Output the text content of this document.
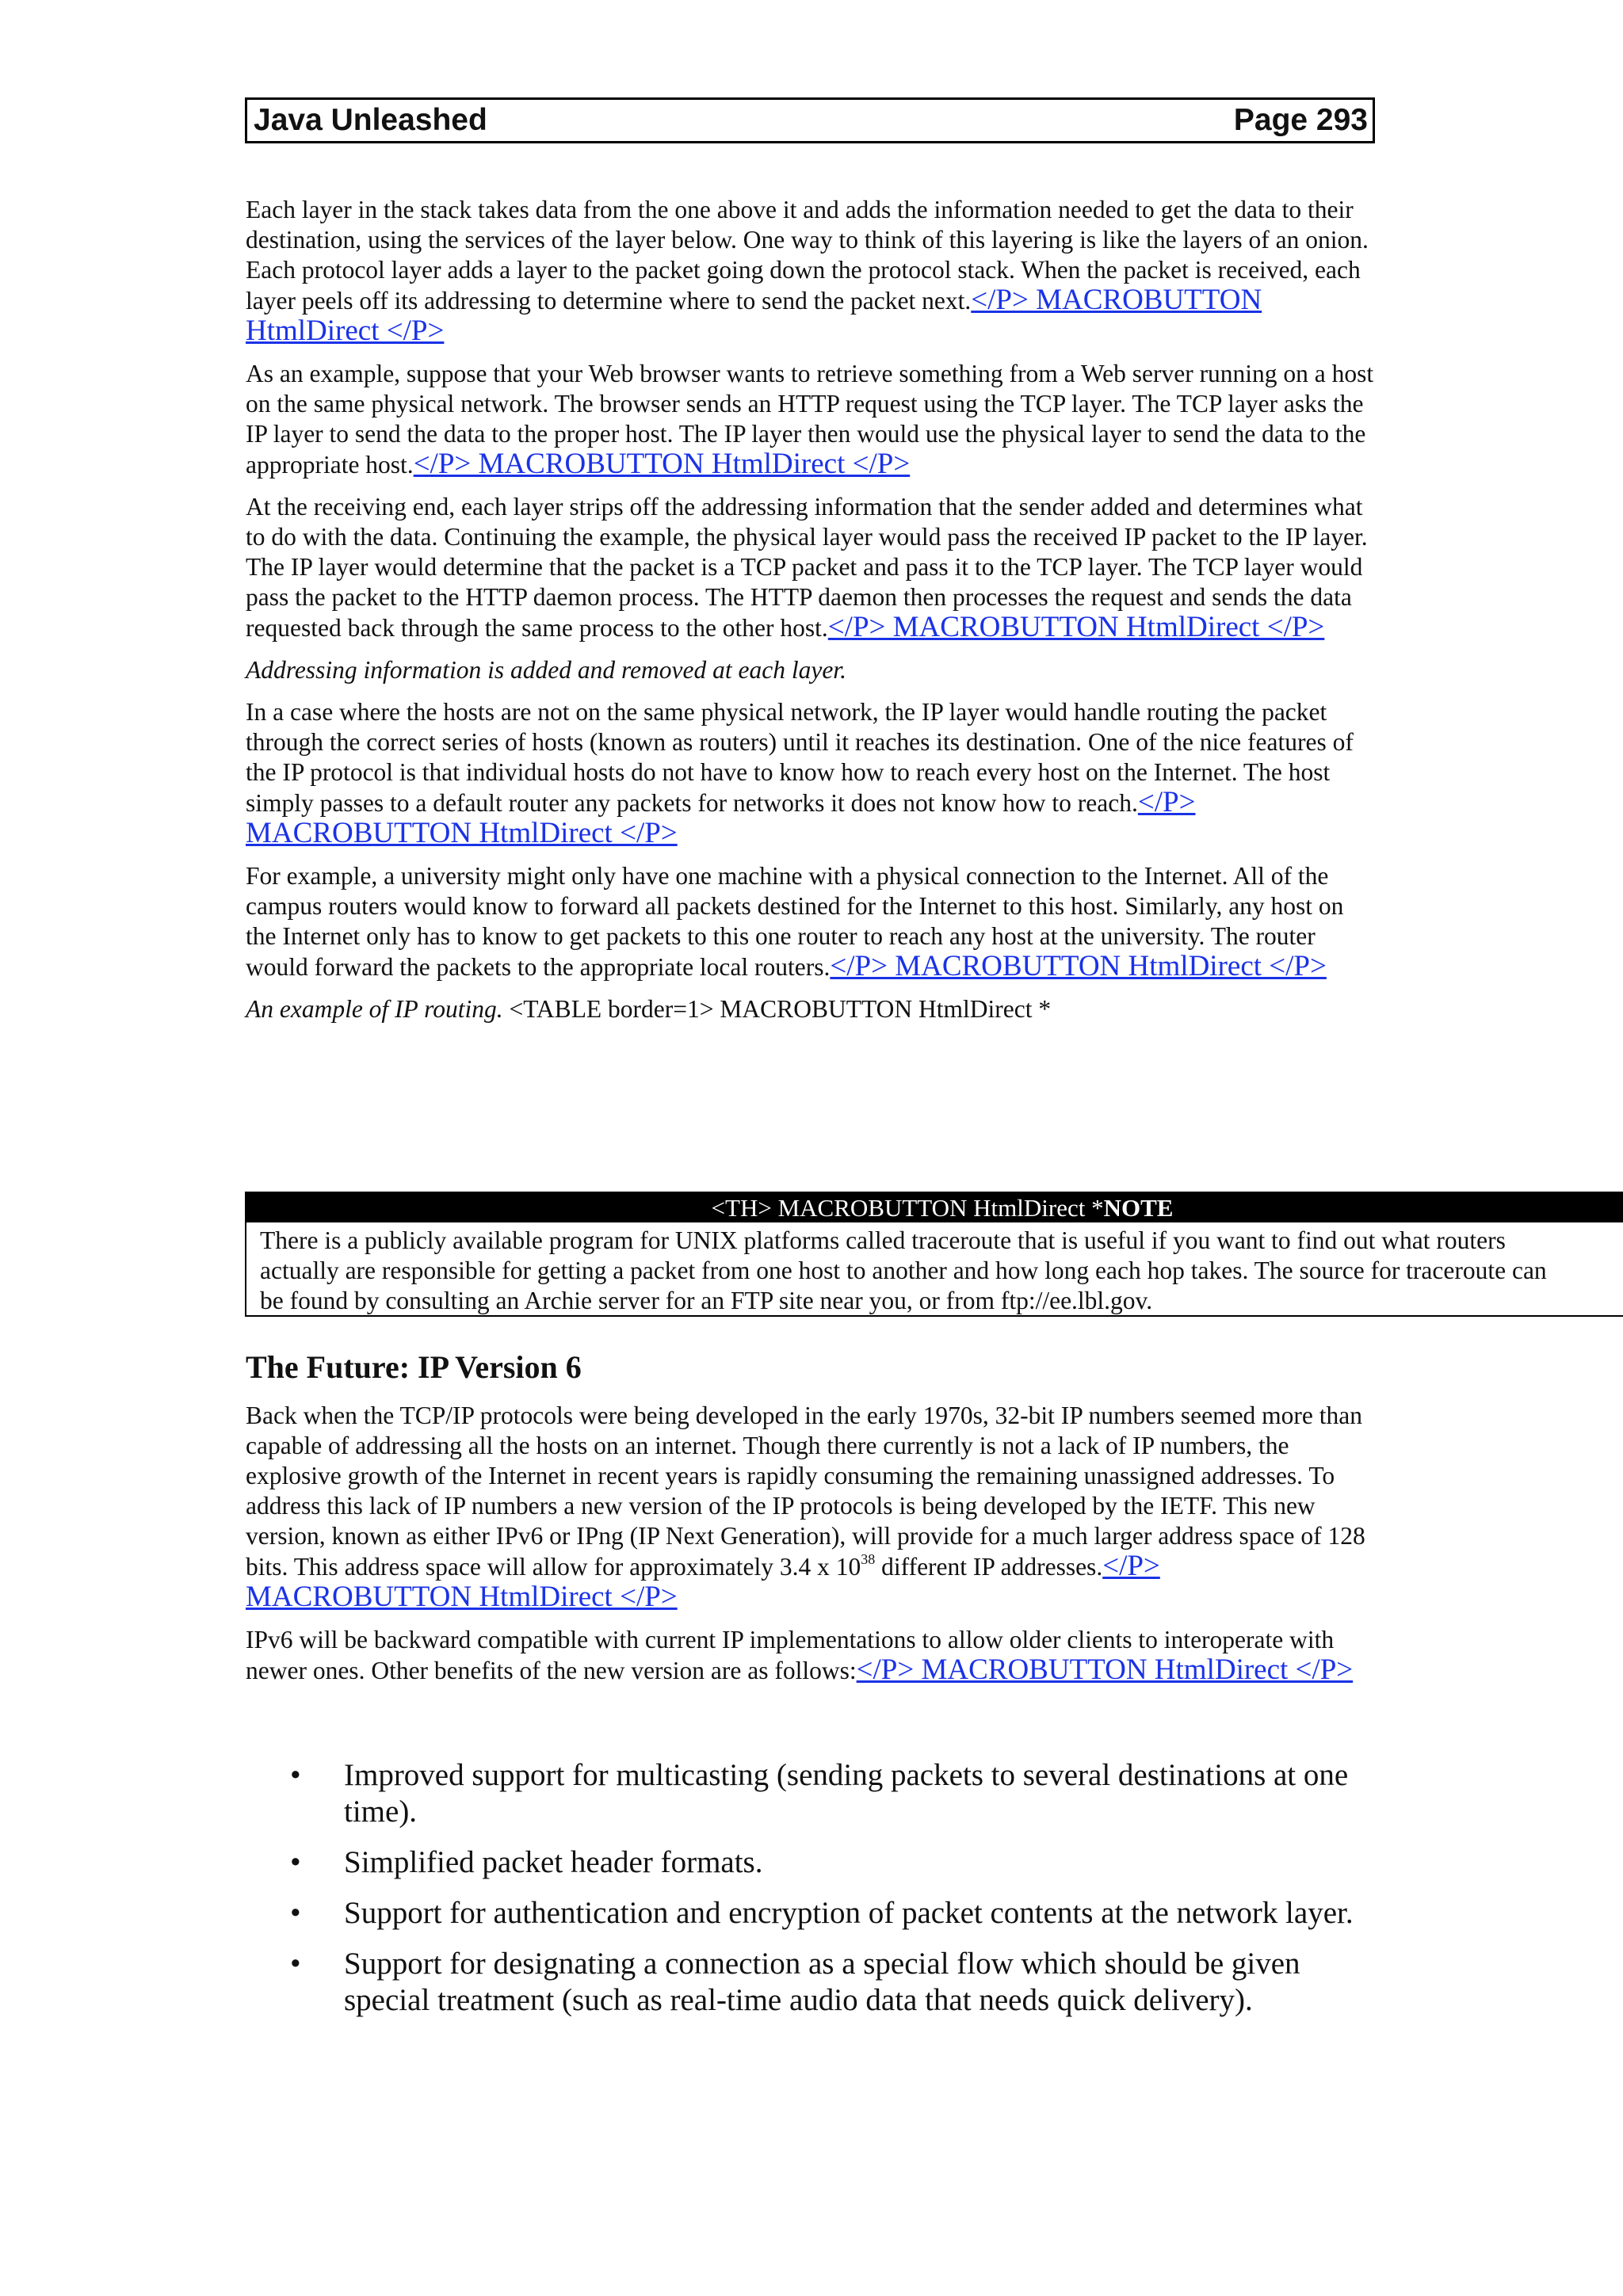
Java Unleashed	Page 293

Each layer in the stack takes data from the one above it and adds the information needed to get the data to their destination, using the services of the layer below. One way to think of this layering is like the layers of an onion. Each protocol layer adds a layer to the packet going down the protocol stack. When the packet is received, each layer peels off its addressing to determine where to send the packet next.</P> MACROBUTTON HtmlDirect </P>

As an example, suppose that your Web browser wants to retrieve something from a Web server running on a host on the same physical network. The browser sends an HTTP request using the TCP layer. The TCP layer asks the IP layer to send the data to the proper host. The IP layer then would use the physical layer to send the data to the appropriate host.</P> MACROBUTTON HtmlDirect </P>

At the receiving end, each layer strips off the addressing information that the sender added and determines what to do with the data. Continuing the example, the physical layer would pass the received IP packet to the IP layer. The IP layer would determine that the packet is a TCP packet and pass it to the TCP layer. The TCP layer would pass the packet to the HTTP daemon process. The HTTP daemon then processes the request and sends the data requested back through the same process to the other host.</P> MACROBUTTON HtmlDirect </P>

Addressing information is added and removed at each layer.

In a case where the hosts are not on the same physical network, the IP layer would handle routing the packet through the correct series of hosts (known as routers) until it reaches its destination. One of the nice features of the IP protocol is that individual hosts do not have to know how to reach every host on the Internet. The host simply passes to a default router any packets for networks it does not know how to reach.</P> MACROBUTTON HtmlDirect </P>

For example, a university might only have one machine with a physical connection to the Internet. All of the campus routers would know to forward all packets destined for the Internet to this host. Similarly, any host on the Internet only has to know to get packets to this one router to reach any host at the university. The router would forward the packets to the appropriate local routers.</P> MACROBUTTON HtmlDirect </P>

An example of IP routing. <TABLE border=1> MACROBUTTON HtmlDirect *

<TH> MACROBUTTON HtmlDirect *NOTE
There is a publicly available program for UNIX platforms called traceroute that is useful if you want to find out what routers
actually are responsible for getting a packet from one host to another and how long each hop takes. The source for traceroute can
be found by consulting an Archie server for an FTP site near you, or from ftp://ee.lbl.gov.
The Future: IP Version 6

Back when the TCP/IP protocols were being developed in the early 1970s, 32-bit IP numbers seemed more than capable of addressing all the hosts on an internet. Though there currently is not a lack of IP numbers, the explosive growth of the Internet in recent years is rapidly consuming the remaining unassigned addresses. To address this lack of IP numbers a new version of the IP protocols is being developed by the IETF. This new version, known as either IPv6 or IPng (IP Next Generation), will provide for a much larger address space of 128 bits. This address space will allow for approximately 3.4 x $10^{38}$ different IP addresses.</P> MACROBUTTON HtmlDirect </P>

IPv6 will be backward compatible with current IP implementations to allow older clients to interoperate with newer ones. Other benefits of the new version are as follows:</P> MACROBUTTON HtmlDirect </P>

• Improved support for multicasting (sending packets to several destinations at one time).
• Simplified packet header formats.
• Support for authentication and encryption of packet contents at the network layer.
• Support for designating a connection as a special flow which should be given special treatment (such as real-time audio data that needs quick delivery).
